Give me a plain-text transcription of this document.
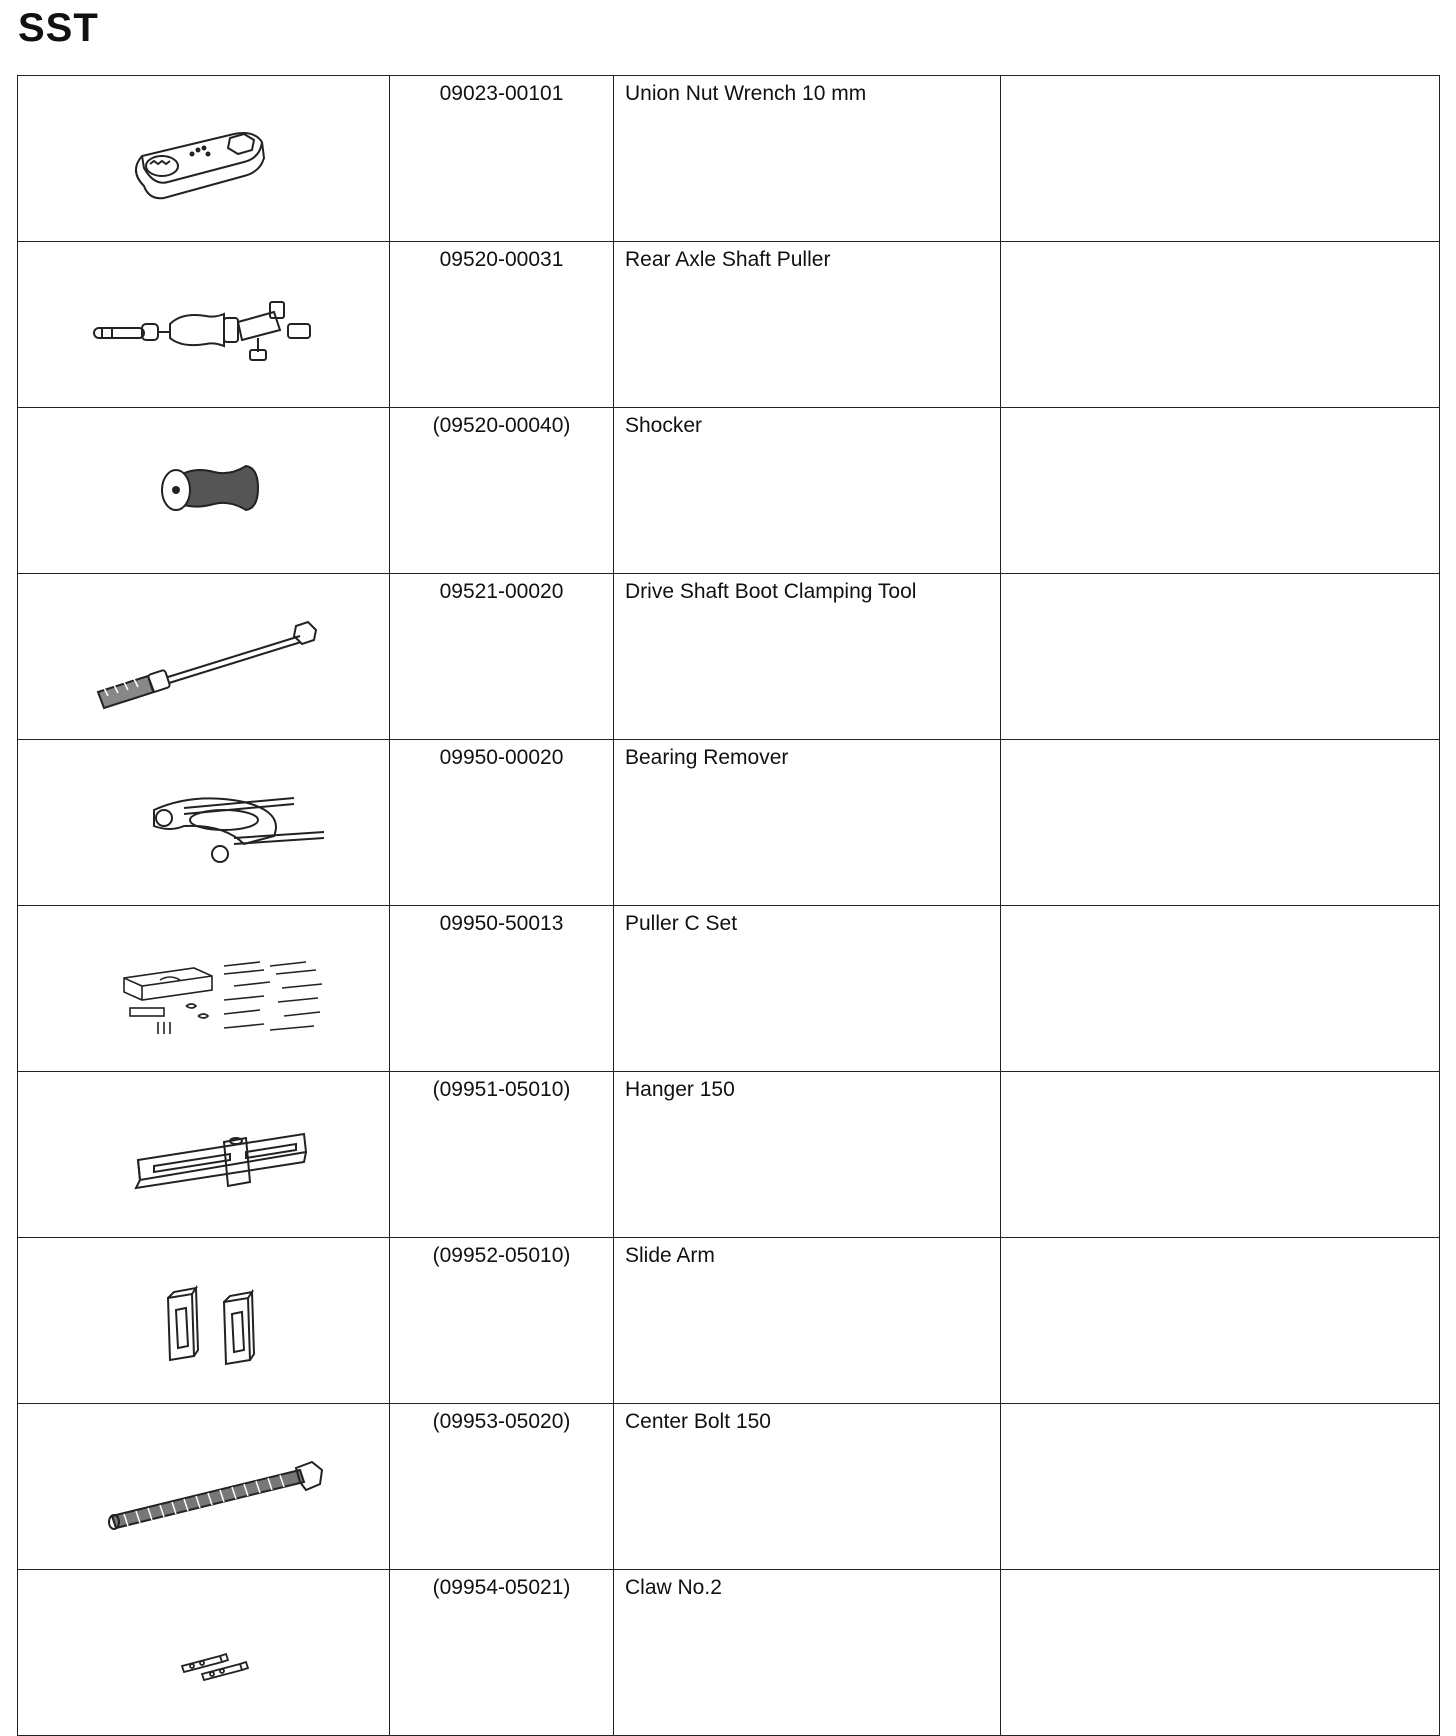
SST
	09023-00101	Union Nut Wrench 10 mm	

	09520-00031	Rear Axle Shaft Puller	

	(09520-00040)	Shocker	

	09521-00020	Drive Shaft Boot Clamping Tool	

	09950-00020	Bearing Remover	

	09950-50013	Puller C Set	

	(09951-05010)	Hanger 150	

	(09952-05010)	Slide Arm	

	(09953-05020)	Center Bolt 150	

	(09954-05021)	Claw No.2	
